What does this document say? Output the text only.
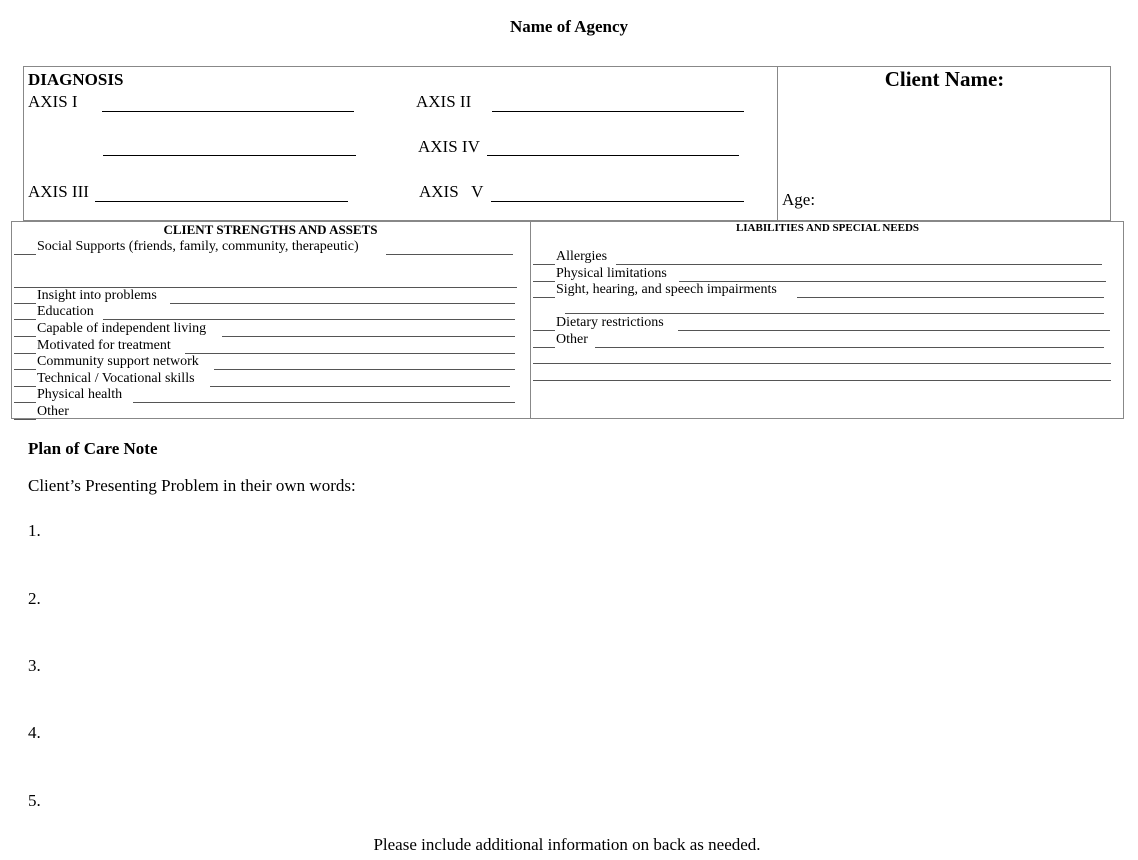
Name of Agency
DIAGNOSIS
AXIS I	AXIS II
AXIS IV
AXIS III	AXIS   V
Client Name:
Age:
CLIENT STRENGTHS AND ASSETS
Social Supports (friends, family, community, therapeutic)
Insight into problems
Education
Capable of independent living
Motivated for treatment
Community support network
Technical / Vocational skills
Physical health
Other
LIABILITIES AND SPECIAL NEEDS
Allergies
Physical limitations
Sight, hearing, and speech impairments
Dietary restrictions
Other
Plan of Care Note
Client’s Presenting Problem in their own words:
1.
2.
3.
4.
5.
Please include additional information on back as needed.
